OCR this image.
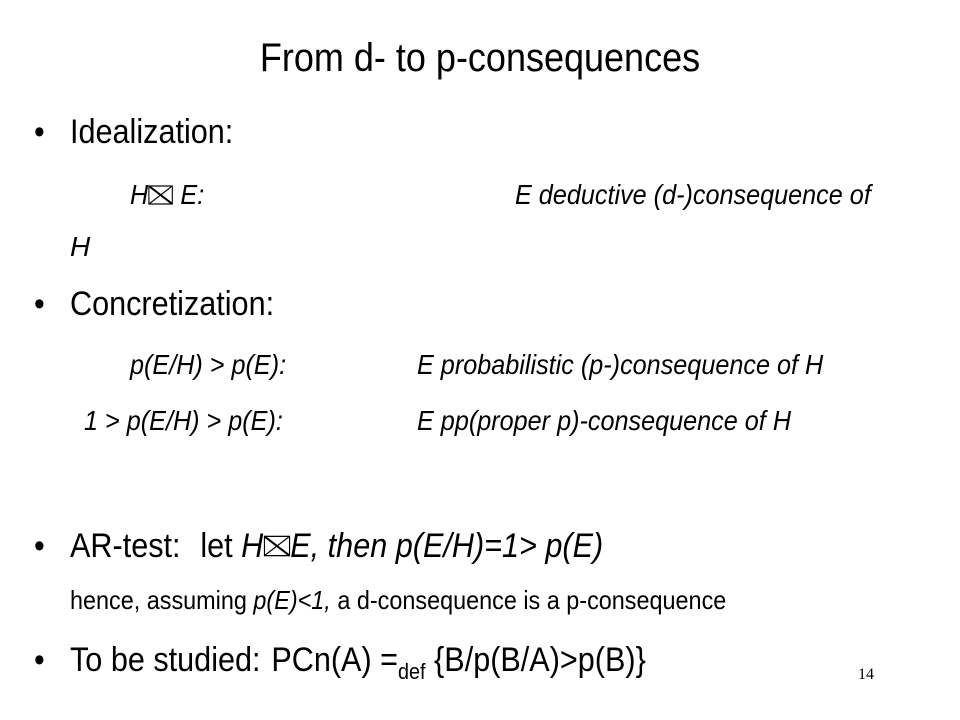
From d- to p-consequences
• Idealization:
H E:	E deductive (d-)consequence of
H
• Concretization:
p(E/H) > p(E):	E probabilistic (p-)consequence of H
1 > p(E/H) > p(E):	E pp(proper p)-consequence of H
• AR-test: let H E, then p(E/H)=1> p(E)
hence, assuming p(E)<1, a d-consequence is a p-consequence
• To be studied: $PCn(A) =_{def}$ {B/p(B/A)>p(B)}	14
